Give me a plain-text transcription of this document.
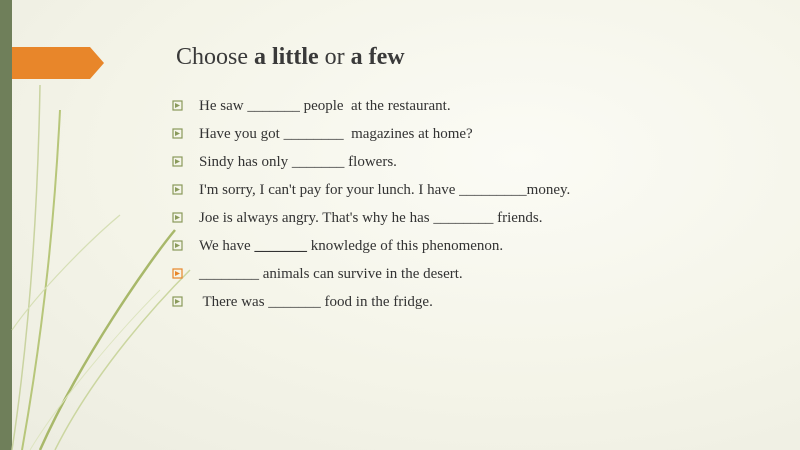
Choose a little or a few

He saw _______ people  at the restaurant.

Have you got ________  magazines at home?

Sindy has only _______ flowers.

I'm sorry, I can't pay for your lunch. I have _________money.

Joe is always angry. That's why he has ________ friends.

We have _______ knowledge of this phenomenon.

________ animals can survive in the desert.

There was _______ food in the fridge.
